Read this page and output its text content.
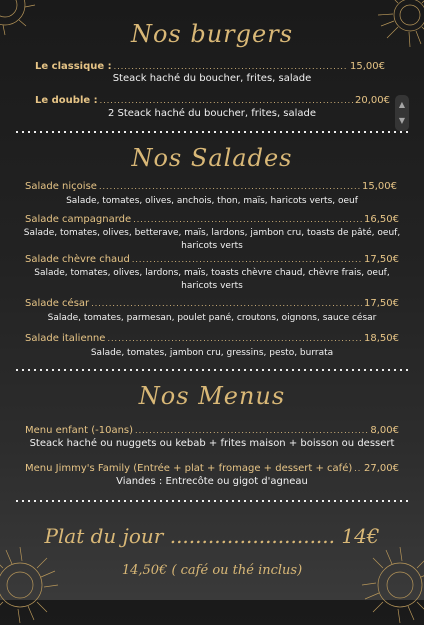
Nos burgers
Le classique : .....	15,00€
Steack haché du boucher, frites, salade
Le double : .....	20,00€
2 Steack haché du boucher, frites, salade
▲
▼
Nos Salades
Salade niçoise .....	15,00€
Salade, tomates, olives, anchois, thon, maïs, haricots verts, oeuf
Salade campagnarde .....	16,50€
Salade, tomates, olives, betterave, maïs, lardons, jambon cru, toasts de pâté, oeuf,
haricots verts
Salade chèvre chaud .....	17,50€
Salade, tomates, olives, lardons, maïs, toasts chèvre chaud, chèvre frais, oeuf,
haricots verts
Salade césar .....	17,50€
Salade, tomates, parmesan, poulet pané, croutons, oignons, sauce césar
Salade italienne .....	18,50€
Salade, tomates, jambon cru, gressins, pesto, burrata
Nos Menus
Menu enfant (-10ans) .....	8,00€
Steack haché ou nuggets ou kebab + frites maison + boisson ou dessert
Menu Jimmy's Family (Entrée + plat + fromage + dessert + café) ..... 27,00€
Viandes : Entrecôte ou gigot d'agneau
Plat du jour .......................... 14€
14,50€ ( café ou thé inclus)
